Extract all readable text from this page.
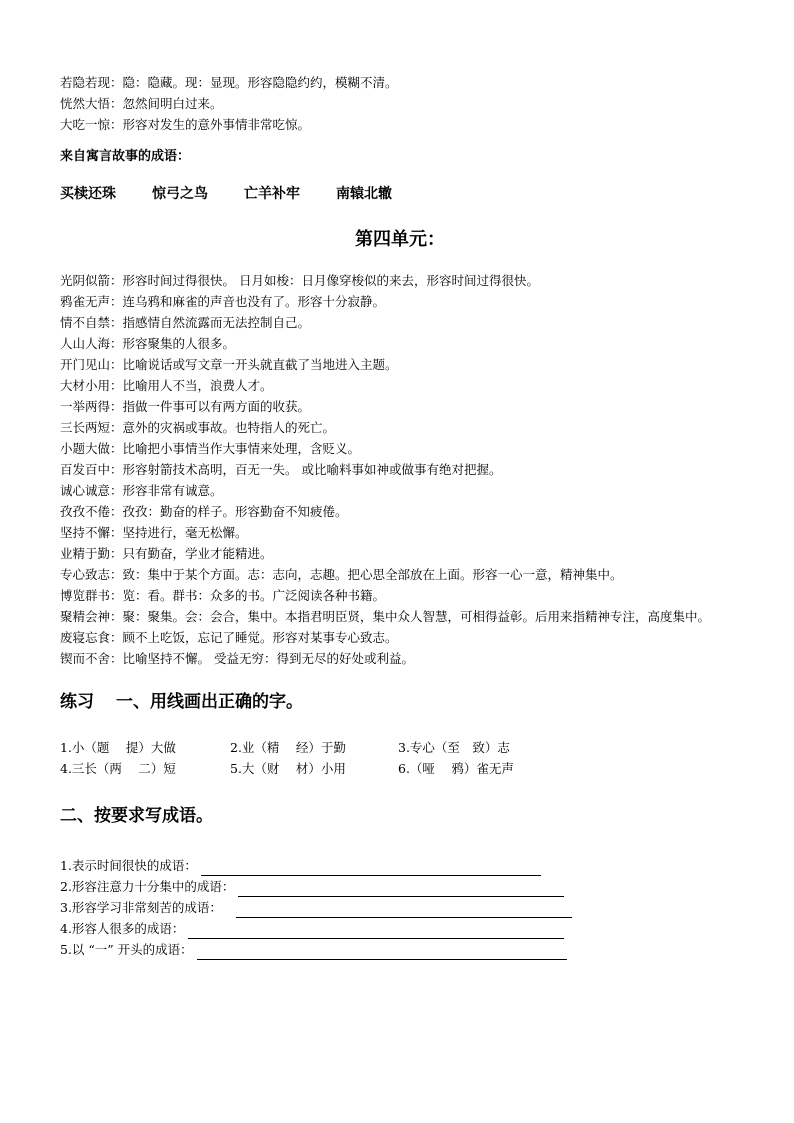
若隐若现：隐：隐藏。现：显现。形容隐隐约约，模糊不清。
恍然大悟：忽然间明白过来。
大吃一惊：形容对发生的意外事情非常吃惊。
来自寓言故事的成语：
买椟还珠	惊弓之鸟	亡羊补牢	南辕北辙
第四单元：
光阴似箭：形容时间过得很快。 日月如梭：日月像穿梭似的来去，形容时间过得很快。
鸦雀无声：连乌鸦和麻雀的声音也没有了。形容十分寂静。
情不自禁：指感情自然流露而无法控制自己。
人山人海：形容聚集的人很多。
开门见山：比喻说话或写文章一开头就直截了当地进入主题。
大材小用：比喻用人不当，浪费人才。
一举两得：指做一件事可以有两方面的收获。
三长两短：意外的灾祸或事故。也特指人的死亡。
小题大做：比喻把小事情当作大事情来处理，含贬义。
百发百中：形容射箭技术高明，百无一失。 或比喻料事如神或做事有绝对把握。
诚心诚意：形容非常有诚意。
孜孜不倦：孜孜：勤奋的样子。形容勤奋不知疲倦。
坚持不懈：坚持进行，毫无松懈。
业精于勤：只有勤奋，学业才能精进。
专心致志：致：集中于某个方面。志：志向，志趣。把心思全部放在上面。形容一心一意，精神集中。
博览群书：览：看。群书：众多的书。广泛阅读各种书籍。
聚精会神：聚：聚集。会：会合，集中。本指君明臣贤，集中众人智慧，可相得益彰。后用来指精神专注，高度集中。
废寝忘食：顾不上吃饭，忘记了睡觉。形容对某事专心致志。
锲而不舍：比喻坚持不懈。 受益无穷：得到无尽的好处或利益。
练习 一、用线画出正确的字。
1.小（题　 提）大做	2.业（精　 经）于勤	3.专心（至　致）志
4.三长（两　 二）短	5.大（财　 材）小用	6.（哑　 鸦）雀无声
二、按要求写成语。
1.表示时间很快的成语：
2.形容注意力十分集中的成语：
3.形容学习非常刻苦的成语：
4.形容人很多的成语：
5.以 “一” 开头的成语：
